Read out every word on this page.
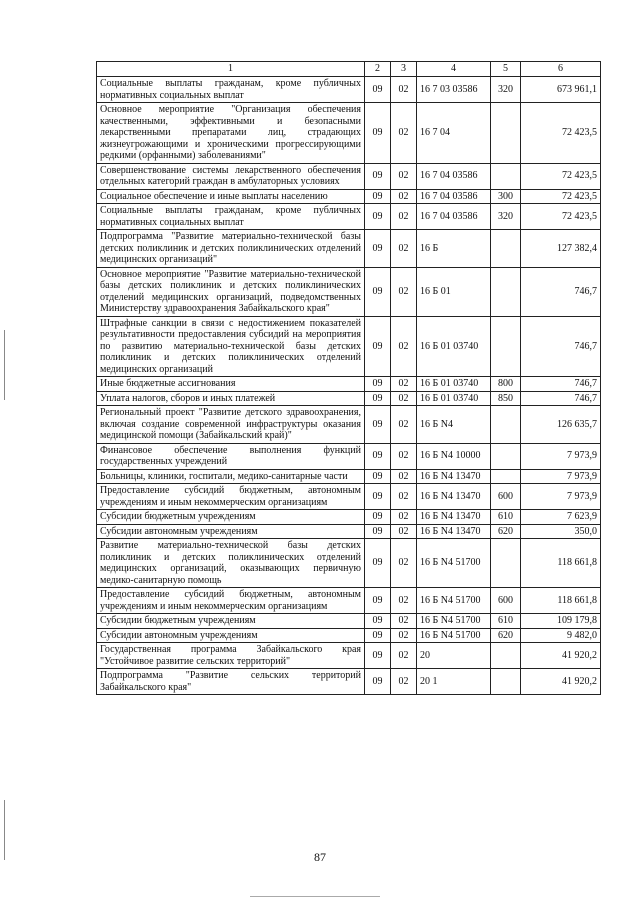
1	2	3	4	5	6
Социальные выплаты гражданам, кроме публичных нормативных социальных выплат	09	02	16 7 03 03586	320	673 961,1
Основное мероприятие "Организация обеспечения качественными, эффективными и безопасными лекарственными препаратами лиц, страдающих жизнеугрожающими и хроническими прогрессирующими редкими (орфанными) заболеваниями"	09	02	16 7 04		72 423,5
Совершенствование системы лекарственного обеспечения отдельных категорий граждан в амбулаторных условиях	09	02	16 7 04 03586		72 423,5
Социальное обеспечение и иные выплаты населению	09	02	16 7 04 03586	300	72 423,5
Социальные выплаты гражданам, кроме публичных нормативных социальных выплат	09	02	16 7 04 03586	320	72 423,5
Подпрограмма "Развитие материально-технической базы детских поликлиник и детских поликлинических отделений медицинских организаций"	09	02	16 Б		127 382,4
Основное мероприятие "Развитие материально-технической базы детских поликлиник и детских поликлинических отделений медицинских организаций, подведомственных Министерству здравоохранения Забайкальского края"	09	02	16 Б 01		746,7
Штрафные санкции в связи с недостижением показателей результативности предоставления субсидий на мероприятия по развитию материально-технической базы детских поликлиник и детских поликлинических отделений медицинских организаций	09	02	16 Б 01 03740		746,7
Иные бюджетные ассигнования	09	02	16 Б 01 03740	800	746,7
Уплата налогов, сборов и иных платежей	09	02	16 Б 01 03740	850	746,7
Региональный проект "Развитие детского здравоохранения, включая создание современной инфраструктуры оказания медицинской помощи (Забайкальский край)"	09	02	16 Б N4		126 635,7
Финансовое обеспечение выполнения функций государственных учреждений	09	02	16 Б N4 10000		7 973,9
Больницы, клиники, госпитали, медико-санитарные части	09	02	16 Б N4 13470		7 973,9
Предоставление субсидий бюджетным, автономным учреждениям и иным некоммерческим организациям	09	02	16 Б N4 13470	600	7 973,9
Субсидии бюджетным учреждениям	09	02	16 Б N4 13470	610	7 623,9
Субсидии автономным учреждениям	09	02	16 Б N4 13470	620	350,0
Развитие материально-технической базы детских поликлиник и детских поликлинических отделений медицинских организаций, оказывающих первичную медико-санитарную помощь	09	02	16 Б N4 51700		118 661,8
Предоставление субсидий бюджетным, автономным учреждениям и иным некоммерческим организациям	09	02	16 Б N4 51700	600	118 661,8
Субсидии бюджетным учреждениям	09	02	16 Б N4 51700	610	109 179,8
Субсидии автономным учреждениям	09	02	16 Б N4 51700	620	9 482,0
Государственная программа Забайкальского края "Устойчивое развитие сельских территорий"	09	02	20		41 920,2
Подпрограмма "Развитие сельских территорий Забайкальского края"	09	02	20 1		41 920,2
87
